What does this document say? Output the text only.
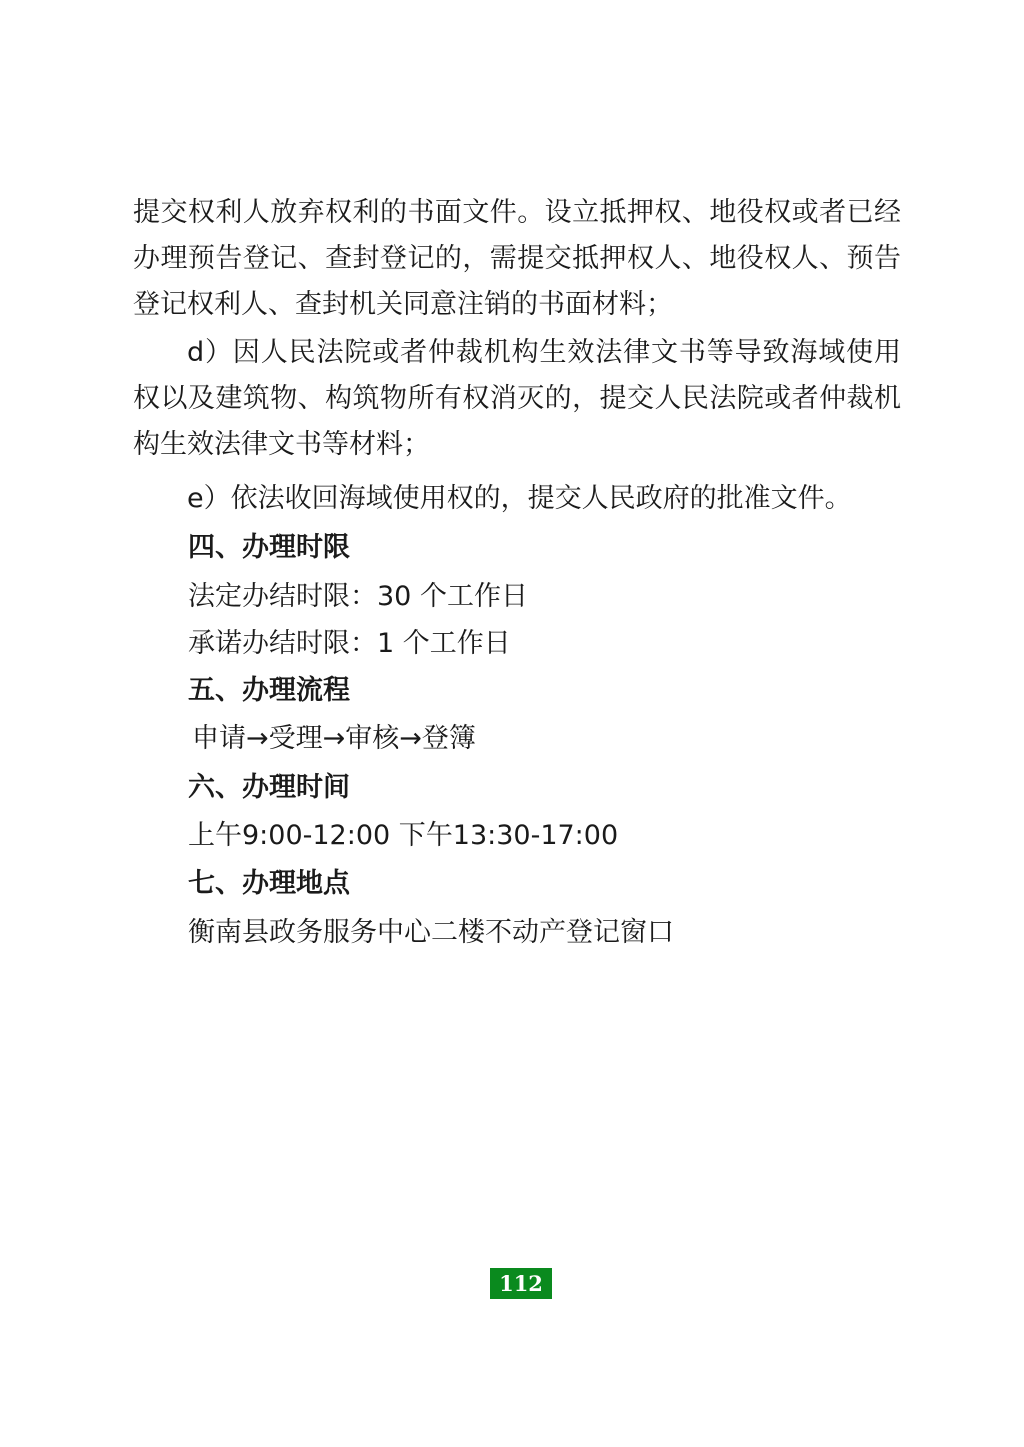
提交权利人放弃权利的书面文件。设立抵押权、地役权或者已经办理预告登记、查封登记的，需提交抵押权人、地役权人、预告登记权利人、查封机关同意注销的书面材料；

d）因人民法院或者仲裁机构生效法律文书等导致海域使用权以及建筑物、构筑物所有权消灭的，提交人民法院或者仲裁机构生效法律文书等材料；

e）依法收回海域使用权的，提交人民政府的批准文件。

四、办理时限
法定办结时限：30 个工作日
承诺办结时限：1 个工作日
五、办理流程
申请→受理→审核→登簿
六、办理时间
上午9:00-12:00 下午13:30-17:00
七、办理地点
衡南县政务服务中心二楼不动产登记窗口
112
